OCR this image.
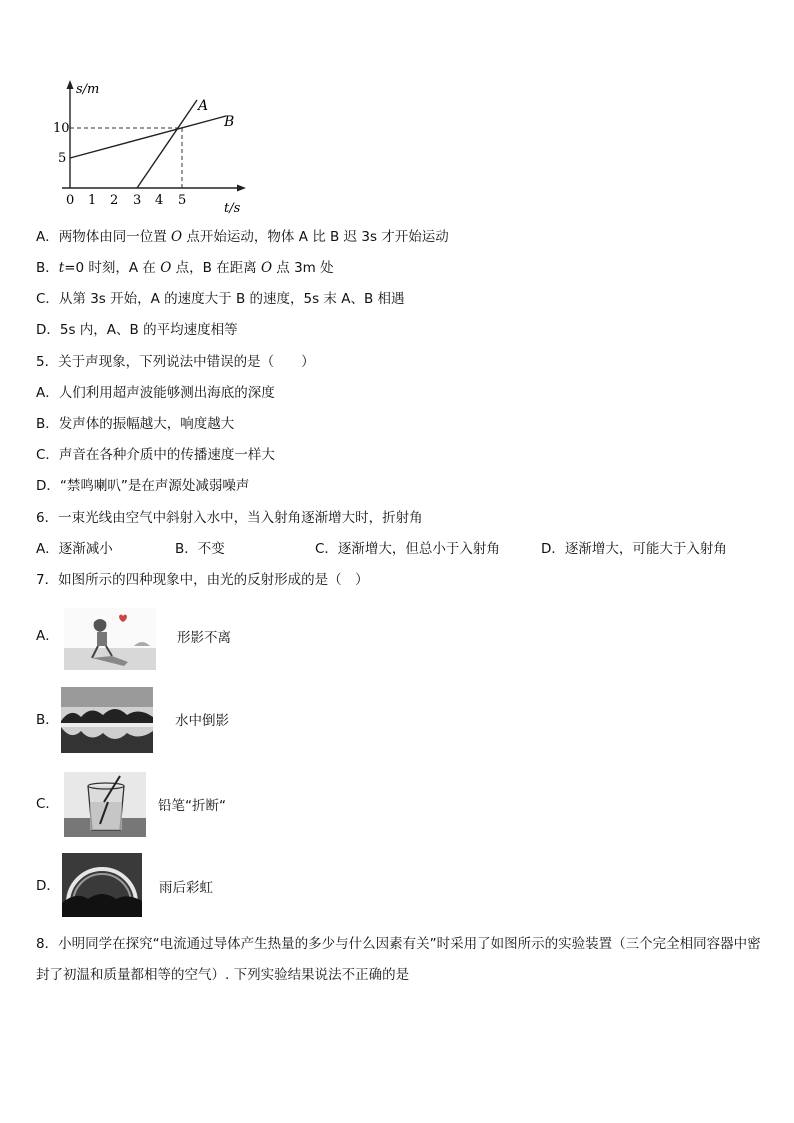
s/m
10
5
0 1 2 3 4 5
t/s
A
B
A．两物体由同一位置 O 点开始运动，物体 A 比 B 迟 3s 才开始运动
B．t=0 时刻，A 在 O 点，B 在距离 O 点 3m 处
C．从第 3s 开始，A 的速度大于 B 的速度，5s 末 A、B 相遇
D．5s 内，A、B 的平均速度相等
5．关于声现象，下列说法中错误的是（　　）
A．人们利用超声波能够测出海底的深度
B．发声体的振幅越大，响度越大
C．声音在各种介质中的传播速度一样大
D．“禁鸣喇叭”是在声源处减弱噪声
6．一束光线由空气中斜射入水中，当入射角逐渐增大时，折射角
A．逐渐减小	B．不变	C．逐渐增大，但总小于入射角	D．逐渐增大，可能大于入射角
7．如图所示的四种现象中，由光的反射形成的是（　）
A．	形影不离
B．	水中倒影
C．	铅笔“折断“
D．	雨后彩虹
8．小明同学在探究“电流通过导体产生热量的多少与什么因素有关”时采用了如图所示的实验装置（三个完全相同容器中密封了初温和质量都相等的空气）. 下列实验结果说法不正确的是
